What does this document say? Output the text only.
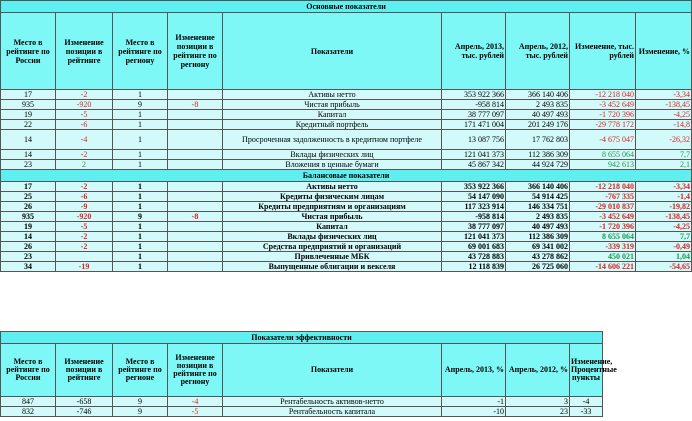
Основные показатели								
Место в рейтинге по России	Изменение позиции в рейтинге	Место в рейтинге по региону	Изменение позиции в рейтинге по региону	Показатели	Апрель, 2013, тыс. рублей	Апрель, 2012, тыс. рублей	Изменение, тыс. рублей	Изменение, %
17	-2	1		Активы нетто	353 922 366	366 140 406	-12 218 040	-3,34
935	-920	9	-8	Чистая прибыль	-958 814	2 493 835	-3 452 649	-138,45
19	-5	1		Капитал	38 777 097	40 497 493	-1 720 396	-4,25
22	-6	1		Кредитный портфель	171 471 004	201 249 176	-29 778 172	-14,8
14	-4	1		Просроченная задолженность в кредитном портфеле	13 087 756	17 762 803	-4 675 047	-26,32
14	-2	1		Вклады физических лиц	121 041 373	112 386 309	8 655 064	7,7
23	2	1		Вложения в ценные бумаги	45 867 342	44 924 729	942 613	2,1
Балансовые показатели								
17	-2	1		Активы нетто	353 922 366	366 140 406	-12 218 040	-3,34
25	-6	1		Кредиты физическим лицам	54 147 090	54 914 425	-767 335	-1,4
26	-9	1		Кредиты предприятиям и организациям	117 323 914	146 334 751	-29 010 837	-19,82
935	-920	9	-8	Чистая прибыль	-958 814	2 493 835	-3 452 649	-138,45
19	-5	1		Капитал	38 777 097	40 497 493	-1 720 396	-4,25
14	-2	1		Вклады физических лиц	121 041 373	112 386 309	8 655 064	7,7
26	-2	1		Средства предприятий и организаций	69 001 683	69 341 002	-339 319	-0,49
23		1		Привлеченные МБК	43 728 883	43 278 862	450 021	1,04
34	-19	1		Выпущенные облигации и векселя	12 118 839	26 725 060	-14 606 221	-54,65
Показатели эффективности							
Место в рейтинге по России	Изменение позиции в рейтинге	Место в рейтинге по регионе	Изменение позиции в рейтинге по региону	Показатели	Апрель, 2013, %	Апрель, 2012, %	Изменение, Процентные пункты
847	-658	9	-4	Рентабельность активов-нетто	-1	3	-4
832	-746	9	-5	Рентабельность капитала	-10	23	-33
